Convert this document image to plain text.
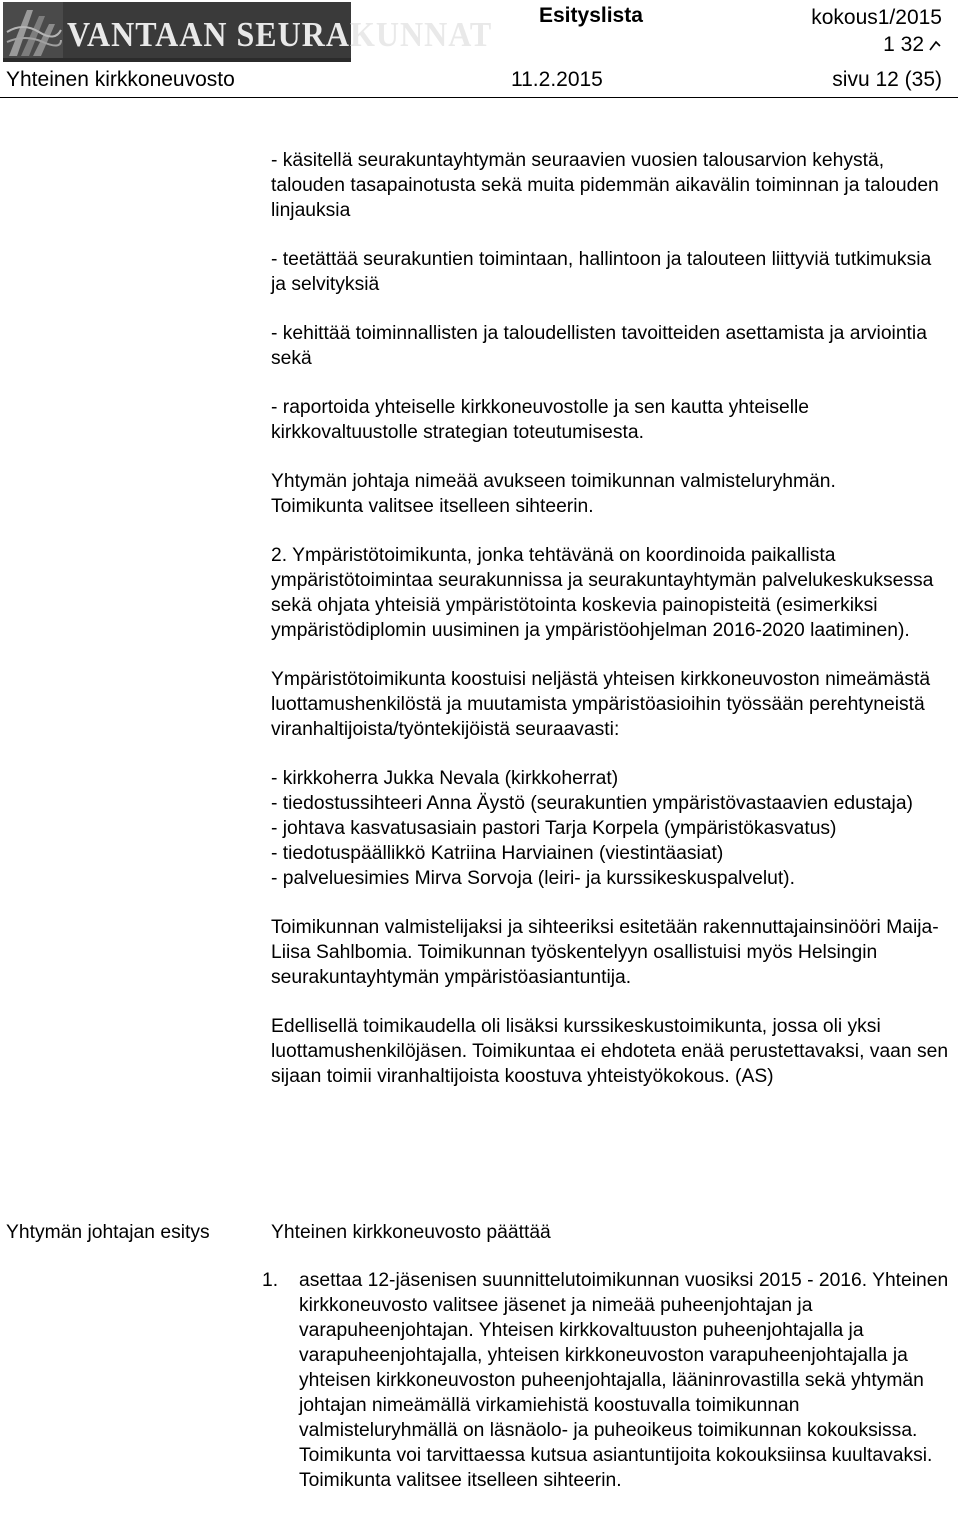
VANTAAN SEURAKUNNAT Esityslista	kokous1/2015
1 32
Yhteinen kirkkoneuvosto	11.2.2015	sivu 12 (35)

- käsitellä seurakuntayhtymän seuraavien vuosien talousarvion kehystä, talouden tasapainotusta sekä muita pidemmän aikavälin toiminnan ja talouden linjauksia

- teetättää seurakuntien toimintaan, hallintoon ja talouteen liittyviä tutkimuksia ja selvityksiä

- kehittää toiminnallisten ja taloudellisten tavoitteiden asettamista ja arviointia sekä

- raportoida yhteiselle kirkkoneuvostolle ja sen kautta yhteiselle kirkkovaltuustolle strategian toteutumisesta.

Yhtymän johtaja nimeää avukseen toimikunnan valmisteluryhmän.

Toimikunta valitsee itselleen sihteerin.

2. Ympäristötoimikunta, jonka tehtävänä on koordinoida paikallista ympäristötoimintaa seurakunnissa ja seurakuntayhtymän palvelukeskuksessa sekä ohjata yhteisiä ympäristötointa koskevia painopisteitä (esimerkiksi ympäristödiplomin uusiminen ja ympäristöohjelman 2016-2020 laatiminen).

Ympäristötoimikunta koostuisi neljästä yhteisen kirkkoneuvoston nimeämästä luottamushenkilöstä ja muutamista ympäristöasioihin työssään perehtyneistä viranhaltijoista/työntekijöistä seuraavasti:

- kirkkoherra Jukka Nevala (kirkkoherrat)

- tiedostussihteeri Anna Äystö (seurakuntien ympäristövastaavien edustaja)

- johtava kasvatusasiain pastori Tarja Korpela (ympäristökasvatus)

- tiedotuspäällikkö Katriina Harviainen (viestintäasiat)

- palveluesimies Mirva Sorvoja (leiri- ja kurssikeskuspalvelut).

Toimikunnan valmistelijaksi ja sihteeriksi esitetään rakennuttajainsinööri Maija-Liisa Sahlbomia. Toimikunnan työskentelyyn osallistuisi myös Helsingin seurakuntayhtymän ympäristöasiantuntija.

Edellisellä toimikaudella oli lisäksi kurssikeskustoimikunta, jossa oli yksi luottamushenkilöjäsen. Toimikuntaa ei ehdoteta enää perustettavaksi, vaan sen sijaan toimii viranhaltijoista koostuva yhteistyökokous. (AS)

Yhtymän johtajan esitys	Yhteinen kirkkoneuvosto päättää
1. asettaa 12-jäsenisen suunnittelutoimikunnan vuosiksi 2015 - 2016. Yhteinen kirkkoneuvosto valitsee jäsenet ja nimeää puheenjohtajan ja varapuheenjohtajan. Yhteisen kirkkovaltuuston puheenjohtajalla ja varapuheenjohtajalla, yhteisen kirkkoneuvoston varapuheenjohtajalla ja yhteisen kirkkoneuvoston puheenjohtajalla, lääninrovastilla sekä yhtymän johtajan nimeämällä virkamiehistä koostuvalla toimikunnan valmisteluryhmällä on läsnäolo- ja puheoikeus toimikunnan kokouksissa. Toimikunta voi tarvittaessa kutsua asiantuntijoita kokouksiinsa kuultavaksi. Toimikunta valitsee itselleen sihteerin.
